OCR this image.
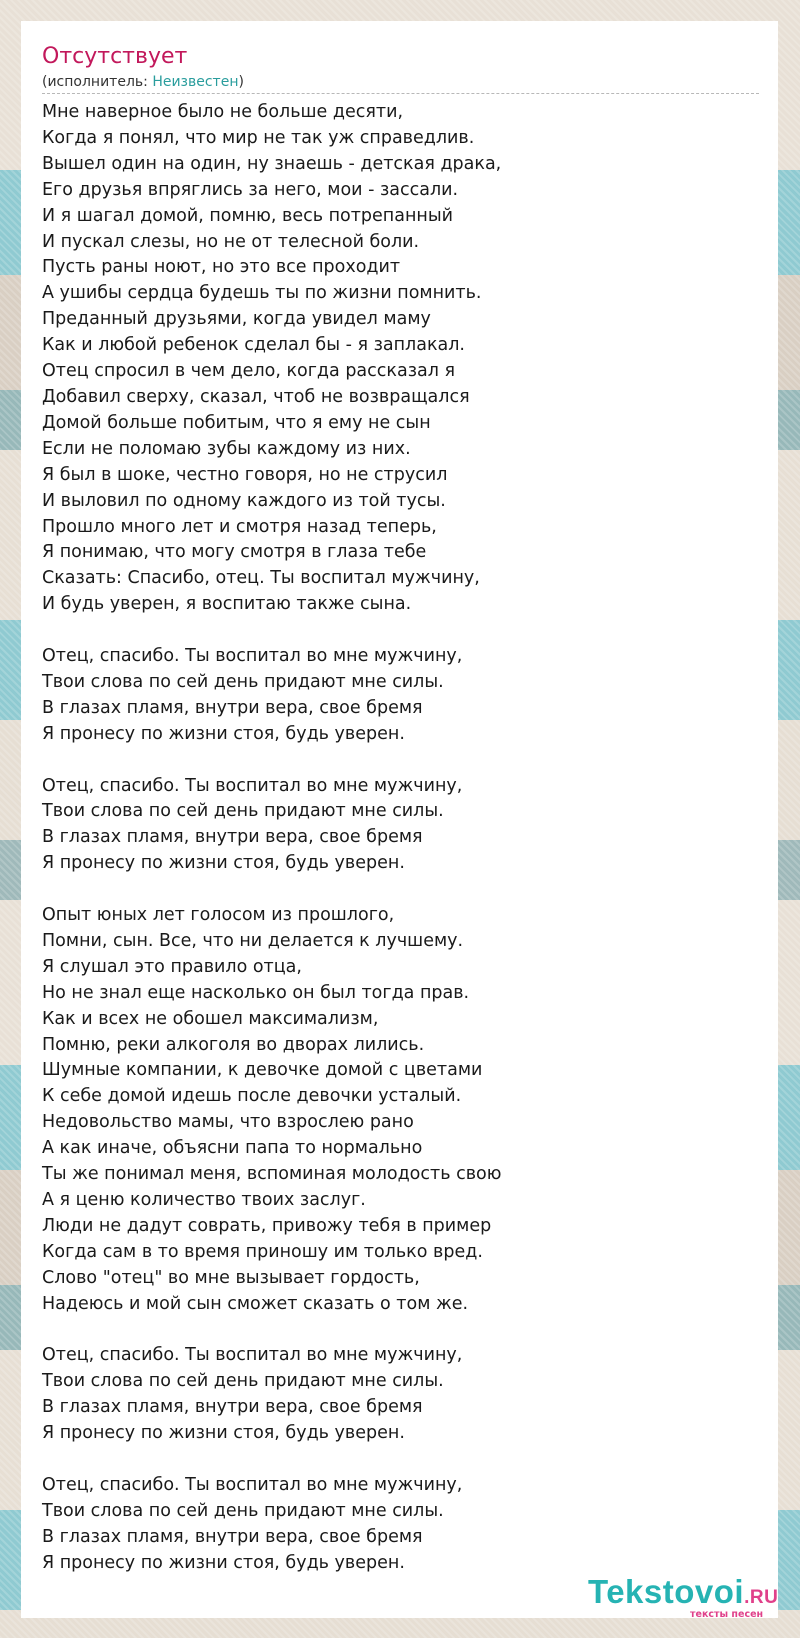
Отсутствует
(исполнитель: Неизвестен)
Мне наверное было не больше десяти,
Когда я понял, что мир не так уж справедлив.
Вышел один на один, ну знаешь - детская драка,
Его друзья впряглись за него, мои - зассали.
И я шагал домой, помню, весь потрепанный
И пускал слезы, но не от телесной боли.
Пусть раны ноют, но это все проходит
А ушибы сердца будешь ты по жизни помнить.
Преданный друзьями, когда увидел маму
Как и любой ребенок сделал бы - я заплакал.
Отец спросил в чем дело, когда рассказал я
Добавил сверху, сказал, чтоб не возвращался
Домой больше побитым, что я ему не сын
Если не поломаю зубы каждому из них.
Я был в шоке, честно говоря, но не струсил
И выловил по одному каждого из той тусы.
Прошло много лет и смотря назад теперь,
Я понимаю, что могу смотря в глаза тебе
Сказать: Спасибо, отец. Ты воспитал мужчину,
И будь уверен, я воспитаю также сына.
Отец, спасибо. Ты воспитал во мне мужчину,
Твои слова по сей день придают мне силы.
В глазах пламя, внутри вера, свое бремя
Я пронесу по жизни стоя, будь уверен.
Отец, спасибо. Ты воспитал во мне мужчину,
Твои слова по сей день придают мне силы.
В глазах пламя, внутри вера, свое бремя
Я пронесу по жизни стоя, будь уверен.
Опыт юных лет голосом из прошлого,
Помни, сын. Все, что ни делается к лучшему.
Я слушал это правило отца,
Но не знал еще насколько он был тогда прав.
Как и всех не обошел максимализм,
Помню, реки алкоголя во дворах лились.
Шумные компании, к девочке домой с цветами
К себе домой идешь после девочки усталый.
Недовольство мамы, что взрослею рано
А как иначе, объясни папа то нормально
Ты же понимал меня, вспоминая молодость свою
А я ценю количество твоих заслуг.
Люди не дадут соврать, привожу тебя в пример
Когда сам в то время приношу им только вред.
Слово "отец" во мне вызывает гордость,
Надеюсь и мой сын сможет сказать о том же.
Отец, спасибо. Ты воспитал во мне мужчину,
Твои слова по сей день придают мне силы.
В глазах пламя, внутри вера, свое бремя
Я пронесу по жизни стоя, будь уверен.
Отец, спасибо. Ты воспитал во мне мужчину,
Твои слова по сей день придают мне силы.
В глазах пламя, внутри вера, свое бремя
Я пронесу по жизни стоя, будь уверен.
Tekstovoi.RU
тексты песен
